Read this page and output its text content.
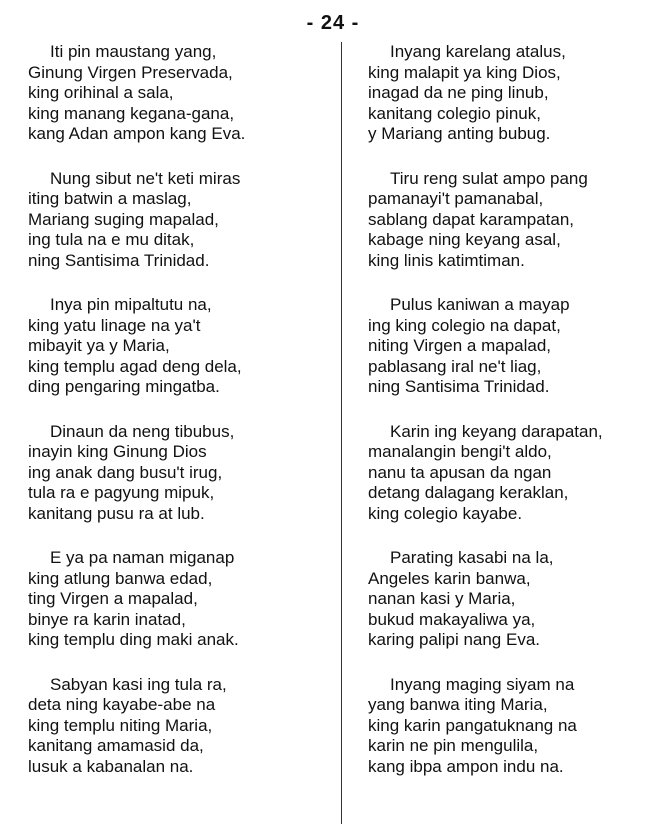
- 24 -
Iti pin maustang yang,
Ginung Virgen Preservada,
king orihinal a sala,
king manang kegana-gana,
kang Adan ampon kang Eva.
Nung sibut ne't keti miras
iting batwin a maslag,
Mariang suging mapalad,
ing tula na e mu ditak,
ning Santisima Trinidad.
Inya pin mipaltutu na,
king yatu linage na ya't
mibayit ya y Maria,
king templu agad deng dela,
ding pengaring mingatba.
Dinaun da neng tibubus,
inayin king Ginung Dios
ing anak dang busu't irug,
tula ra e pagyung mipuk,
kanitang pusu ra at lub.
E ya pa naman miganap
king atlung banwa edad,
ting Virgen a mapalad,
binye ra karin inatad,
king templu ding maki anak.
Sabyan kasi ing tula ra,
deta ning kayabe-abe na
king templu niting Maria,
kanitang amamasid da,
lusuk a kabanalan na.
Inyang karelang atalus,
king malapit ya king Dios,
inagad da ne ping linub,
kanitang colegio pinuk,
y Mariang anting bubug.
Tiru reng sulat ampo pang
pamanayi't pamanabal,
sablang dapat karampatan,
kabage ning keyang asal,
king linis katimtiman.
Pulus kaniwan a mayap
ing king colegio na dapat,
niting Virgen a mapalad,
pablasang iral ne't liag,
ning Santisima Trinidad.
Karin ing keyang darapatan,
manalangin bengi't aldo,
nanu ta apusan da ngan
detang dalagang keraklan,
king colegio kayabe.
Parating kasabi na la,
Angeles karin banwa,
nanan kasi y Maria,
bukud makayaliwa ya,
karing palipi nang Eva.
Inyang maging siyam na
yang banwa iting Maria,
king karin pangatuknang na
karin ne pin mengulila,
kang ibpa ampon indu na.
